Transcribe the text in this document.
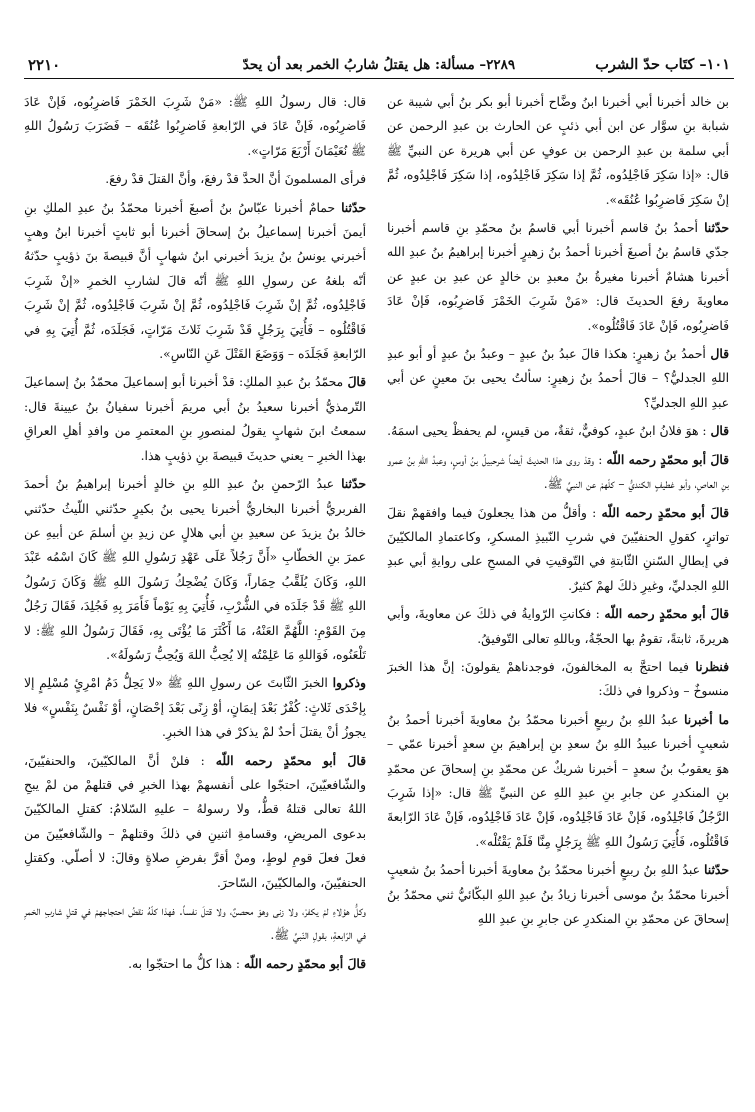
٢٢١٠	٢٢٨٩– مسألة: هل يقتلُ شاربُ الخمر بعد أن يحدّ	١٠١– كتَاب حدّ الشرب

بن خالد أخبرنا أبي أخبرنا ابنُ وضَّاح أخبرنا أبو بكر بنُ أبي شيبة عن شبابة بنِ سوَّار عن ابن أبي ذئبٍ عن الحارث بن عبدِ الرحمن عن أبي سلمة بن عبدِ الرحمن بن عوفٍ عن أبي هريرة عن النبيِّ ﷺ قال: «إذا سَكِرَ فَاجْلِدُوه، ثُمَّ إذا سَكِرَ فَاجْلِدُوه، إذا سَكِرَ فَاجْلِدُوه، ثُمَّ إنْ سَكِرَ فَاضرِبُوا عُنُقَه».

حدّثنا أحمدُ بنُ قاسم أخبرنا أبي قاسمُ بنُ محمّدِ بنِ قاسم أخبرنا جدّي قاسمُ بنُ أصبغَ أخبرنا أحمدُ بنُ زهيرٍ أخبرنا إبراهيمُ بنُ عبدِ الله أخبرنا هشامٌ أخبرنا مغيرةُ بنُ معبدِ بن خالدٍ عن عبدِ بن عبدٍ عن معاويةَ رفعَ الحديثَ قال: «مَنْ شَرِبَ الخَمْرَ فَاضرِبُوه، فَإنْ عَادَ فَاضرِبُوه، فَإنْ عَادَ فَاقْتُلُوه».

قال أحمدُ بنُ زهيرٍ: هكذا قالَ عبدُ بنُ عبدٍ – وعبدُ بنُ عبدٍ أو أبو عبدِ اللهِ الجدليُّ؟ – قالَ أحمدُ بنُ زهيرٍ: سألتُ يحيى بنَ معينٍ عن أبي عبدِ اللهِ الجدليِّ؟

قال : هوَ فلانُ ابنُ عبدٍ، كوفيٌّ، ثقةٌ، من قيسٍ، لم يحفظْ يحيى اسمَهُ.

قالَ أبو محمّدٍ رحمه اللّه : وقدْ روى هذا الحديثَ أيضاً شرحبيلُ بنُ أوسٍ، وعبدُ اللهِ بنُ عمرو بنِ العاصِ، وأبو غطيفٍ الكنديُّ – كلّهمْ عن النبيِّ ﷺ.

قالَ أبو محمّدٍ رحمه اللّه : وأقلُّ من هذا يجعلونَ فيما وافقهمْ نقلَ تواترٍ، كقولِ الحنفيّينَ في شربِ النّبيذِ المسكرِ، وكاعتمادِ المالكيّينَ في إبطالِ السّننِ الثّابتةِ في التّوقيتِ في المسحِ على روايةِ أبي عبدِ اللهِ الجدليِّ، وغيرِ ذلكَ لهمْ كثيرٌ.

قالَ أبو محمّدٍ رحمه اللّه : فكانتِ الرّوايةُ في ذلكَ عن معاويةَ، وأبي هريرةَ، ثابتةً، تقومُ بها الحجّةُ، وباللهِ تعالى التّوفيقُ.

فنظرنا فيما احتجَّ به المخالفونَ، فوجدناهمْ يقولونَ: إنَّ هذا الخبرَ منسوخٌ – وذكروا في ذلكَ:

ما أخبرنا عبدُ اللهِ بنُ ربيعٍ أخبرنا محمّدُ بنُ معاويةَ أخبرنا أحمدُ بنُ شعيبٍ أخبرنا عبيدُ اللهِ بنُ سعدِ بنِ إبراهيمَ بنِ سعدٍ أخبرنا عمّي – هوَ يعقوبُ بنُ سعدٍ – أخبرنا شريكٌ عن محمّدِ بنِ إسحاقَ عن محمّدِ بنِ المنكدرِ عن جابرِ بنِ عبدِ اللهِ عن النبيِّ ﷺ قال: «إذا شَرِبَ الرَّجُلُ فَاجْلِدُوه، فَإنْ عَادَ فَاجْلِدُوه، فَإنْ عَادَ فَاجْلِدُوه، فَإنْ عَادَ الرّابعةَ فَاقْتُلُوه، فَأُتِيَ رَسُولُ اللهِ ﷺ بِرَجُلٍ مِنَّا فَلَمْ يَقْتُلْه».

حدّثنا عبدُ اللهِ بنُ ربيعٍ أخبرنا محمّدُ بنُ معاويةَ أخبرنا أحمدُ بنُ شعيبٍ أخبرنا محمّدُ بنُ موسى أخبرنا زيادُ بنُ عبدِ اللهِ البكّائيُّ ثني محمّدُ بنُ إسحاقَ عن محمّدِ بنِ المنكدرِ عن جابرِ بنِ عبدِ اللهِ

قال: قال رسولُ اللهِ ﷺ: «مَنْ شَرِبَ الخَمْرَ فَاضرِبُوه، فَإنْ عَادَ فَاضرِبُوه، فَإنْ عَادَ في الرّابعةِ فَاضرِبُوا عُنُقَه – فَضَرَبَ رَسُولُ اللهِ ﷺ نُعَيْمَانَ أَرْبَعَ مَرّاتٍ».

فرأى المسلمونَ أنَّ الحدَّ قدْ رفعَ، وأنَّ القتلَ قدْ رفعَ.

حدّثنا حمامٌ أخبرنا عبّاسُ بنُ أصبغَ أخبرنا محمّدُ بنُ عبدِ الملكِ بنِ أيمنَ أخبرنا إسماعيلُ بنُ إسحاقَ أخبرنا أبو ثابتٍ أخبرنا ابنُ وهبٍ أخبرني يونسُ بنُ يزيدَ أخبرني ابنُ شهابٍ أنَّ قبيصةَ بنَ ذؤيبٍ حدّثهُ أنّه بلغهُ عن رسولِ اللهِ ﷺ أنّه قالَ لشاربِ الخمرِ «إنْ شَرِبَ فَاجْلِدُوه، ثُمَّ إنْ شَرِبَ فَاجْلِدُوه، ثُمَّ إنْ شَرِبَ فَاجْلِدُوه، ثُمَّ إنْ شَرِبَ فَاقْتُلُوه – فَأُتِيَ بِرَجُلٍ قَدْ شَرِبَ ثَلاثَ مَرّاتٍ، فَجَلَدَه، ثُمَّ أُتِيَ بِهِ في الرّابعةِ فَجَلَدَه – وَوَضَعَ القَتْلَ عَنِ النّاسِ».

قالَ محمّدُ بنُ عبدِ الملكِ: قدْ أخبرنا أبو إسماعيلَ محمّدُ بنُ إسماعيلَ التّرمذيُّ أخبرنا سعيدُ بنُ أبي مريمَ أخبرنا سفيانُ بنُ عيينةَ قال: سمعتُ ابنَ شهابٍ يقولُ لمنصورِ بنِ المعتمرِ من وافدِ أهلِ العراقِ بهذا الخبرِ – يعني حديثَ قبيصةَ بنِ ذؤيبٍ هذا.

حدّثنا عبدُ الرّحمنِ بنُ عبدِ اللهِ بنِ خالدٍ أخبرنا إبراهيمُ بنُ أحمدَ الفربريُّ أخبرنا البخاريُّ أخبرنا يحيى بنُ بكيرٍ حدّثني اللّيثُ حدّثني خالدُ بنُ يزيدَ عن سعيدِ بنِ أبي هلالٍ عن زيدِ بنِ أسلمَ عن أبيهِ عن عمرَ بنِ الخطّابِ «أَنَّ رَجُلاً عَلَى عَهْدِ رَسُولِ اللهِ ﷺ كَانَ اسْمُه عَبْدَ اللهِ، وَكَانَ يُلَقَّبُ حِمَاراً، وَكَانَ يُضْحِكُ رَسُولَ اللهِ ﷺ وَكَانَ رَسُولُ اللهِ ﷺ قَدْ جَلَدَه في الشُّرْبِ، فَأُتِيَ بِهِ يَوْماً فَأَمَرَ بِهِ فَجُلِدَ، فَقَالَ رَجُلٌ مِنَ القَوْمِ: اللَّهُمَّ العَنْهُ، مَا أَكْثَرَ مَا يُؤْتَى بِهِ، فَقَالَ رَسُولُ اللهِ ﷺ: لا تَلْعَنُوه، فَوَاللهِ مَا عَلِمْتُه إلا يُحِبُّ اللهَ وَيُحِبُّ رَسُولَهُ».

وذكروا الخبرَ الثّابتَ عن رسولِ اللهِ ﷺ «لا يَحِلُّ دَمُ امْرِئٍ مُسْلِمٍ إلا بِإحْدَى ثَلاثٍ: كُفْرٌ بَعْدَ إيمَانٍ، أوْ زِنًى بَعْدَ إحْصَانٍ، أوْ نَفْسٌ بِنَفْسٍ» فلا يجوزُ أنْ يقتلَ أحدٌ لمْ يذكرْ في هذا الخبرِ.

قالَ أبو محمّدٍ رحمه اللّه : فلنْ أنَّ المالكيّينَ، والحنفيّينَ، والشّافعيّينَ، احتجّوا على أنفسهمْ بهذا الخبرِ في قتلهمْ من لمْ يبحِ اللهُ تعالى قتلهُ قطُّ، ولا رسولهُ – عليهِ السّلامُ: كقتلِ المالكيّينَ بدعوى المريضِ، وقسامةِ اثنينِ في ذلكَ وقتلهمْ – والشّافعيّينَ من فعلَ فعلَ قومِ لوطٍ، ومنْ أقرَّ بفرضِ صلاةٍ وقالَ: لا أصلّي. وكقتلِ الحنفيّينَ، والمالكيّينَ، السّاحرَ.

وكلُّ هؤلاءِ لمْ يكفرْ، ولا زنى وهوَ محصنٌ، ولا قتلَ نفساً. فهذا كلّهُ نقضُ احتجاجهمْ في قتلِ شاربِ الخمرِ في الرّابعةِ، بقولِ النّبيِّ ﷺ.

قالَ أبو محمّدٍ رحمه اللّه : هذا كلُّ ما احتجّوا به.
